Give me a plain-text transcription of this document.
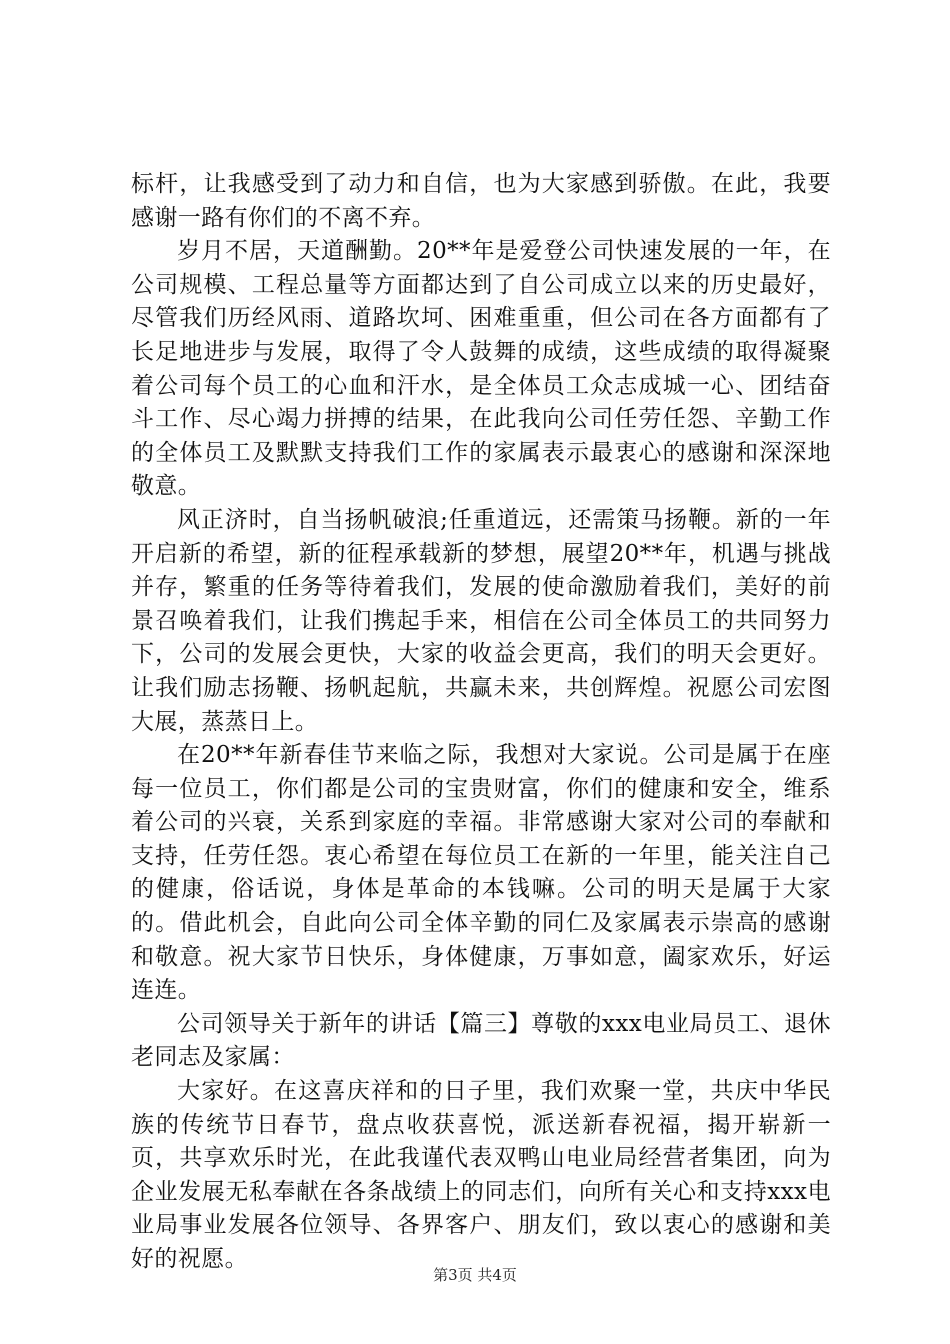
标杆，让我感受到了动力和自信，也为大家感到骄傲。在此，我要感谢一路有你们的不离不弃。

岁月不居，天道酬勤。20**年是爱登公司快速发展的一年，在公司规模、工程总量等方面都达到了自公司成立以来的历史最好，尽管我们历经风雨、道路坎坷、困难重重，但公司在各方面都有了长足地进步与发展，取得了令人鼓舞的成绩，这些成绩的取得凝聚着公司每个员工的心血和汗水，是全体员工众志成城一心、团结奋斗工作、尽心竭力拼搏的结果，在此我向公司任劳任怨、辛勤工作的全体员工及默默支持我们工作的家属表示最衷心的感谢和深深地敬意。

风正济时，自当扬帆破浪;任重道远，还需策马扬鞭。新的一年开启新的希望，新的征程承载新的梦想，展望20**年，机遇与挑战并存，繁重的任务等待着我们，发展的使命激励着我们，美好的前景召唤着我们，让我们携起手来，相信在公司全体员工的共同努力下，公司的发展会更快，大家的收益会更高，我们的明天会更好。让我们励志扬鞭、扬帆起航，共赢未来，共创辉煌。祝愿公司宏图大展，蒸蒸日上。

在20**年新春佳节来临之际，我想对大家说。公司是属于在座每一位员工，你们都是公司的宝贵财富，你们的健康和安全，维系着公司的兴衰，关系到家庭的幸福。非常感谢大家对公司的奉献和支持，任劳任怨。衷心希望在每位员工在新的一年里，能关注自己的健康，俗话说，身体是革命的本钱嘛。公司的明天是属于大家的。借此机会，自此向公司全体辛勤的同仁及家属表示崇高的感谢和敬意。祝大家节日快乐，身体健康，万事如意，阖家欢乐，好运连连。

公司领导关于新年的讲话【篇三】尊敬的xxx电业局员工、退休老同志及家属：

大家好。在这喜庆祥和的日子里，我们欢聚一堂，共庆中华民族的传统节日春节，盘点收获喜悦，派送新春祝福，揭开崭新一页，共享欢乐时光，在此我谨代表双鸭山电业局经营者集团，向为企业发展无私奉献在各条战绩上的同志们，向所有关心和支持xxx电业局事业发展各位领导、各界客户、朋友们，致以衷心的感谢和美好的祝愿。

第3页 共4页
